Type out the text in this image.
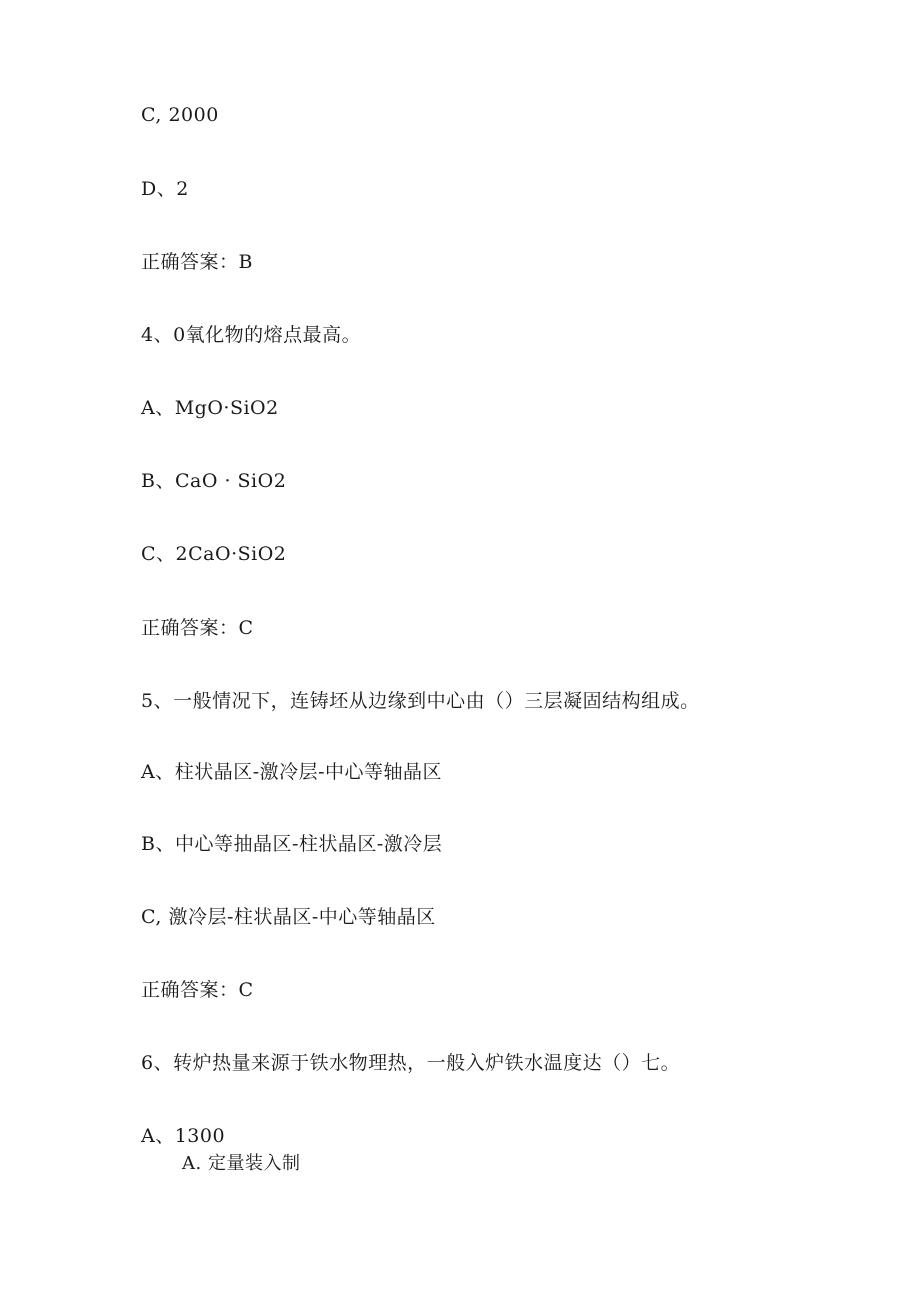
C, 2000
D、2
正确答案：B
4、0氧化物的熔点最高。
A、MgO·SiO2
B、CaO · SiO2
C、2CaO·SiO2
正确答案：C
5、一般情况下，连铸坯从边缘到中心由（）三层凝固结构组成。
A、柱状晶区-激冷层-中心等轴晶区
B、中心等抽晶区-柱状晶区-激冷层
C, 激冷层-柱状晶区-中心等轴晶区
正确答案：C
6、转炉热量来源于铁水物理热，一般入炉铁水温度达（）七。
A、1300
A. 定量装入制
